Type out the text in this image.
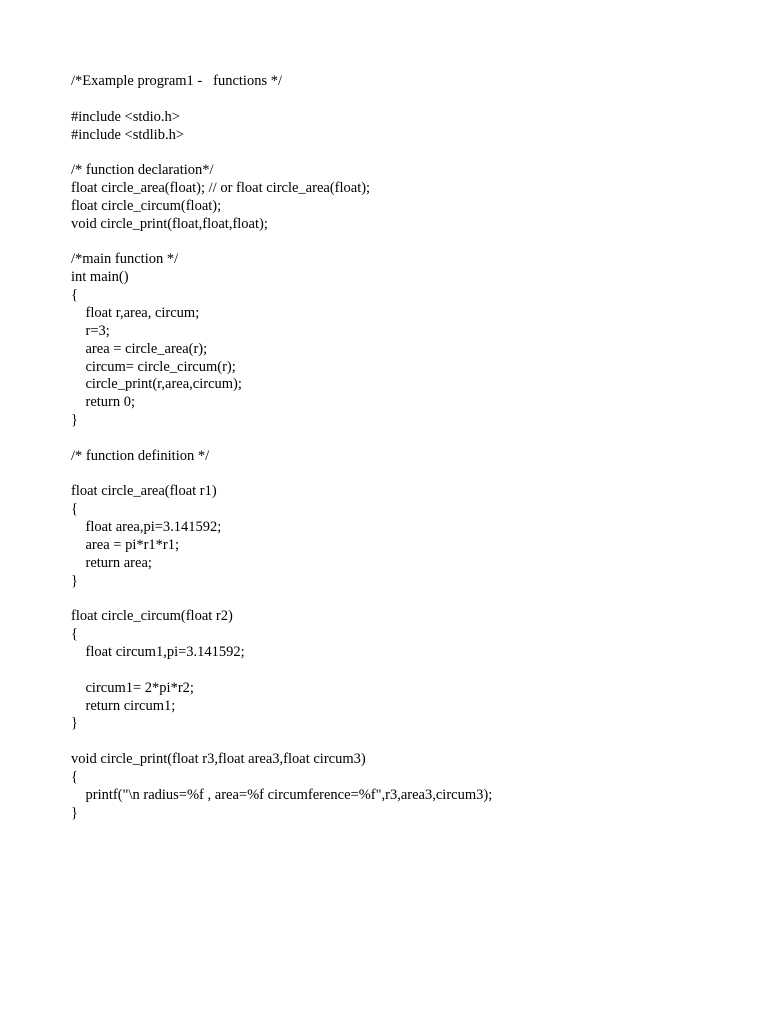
/*Example program1 -   functions */
#include <stdio.h>
#include <stdlib.h>
/* function declaration*/
float circle_area(float); // or float circle_area(float);
float circle_circum(float);
void circle_print(float,float,float);
/*main function */
int main()
{
float r,area, circum;
r=3;
area = circle_area(r);
circum= circle_circum(r);
circle_print(r,area,circum);
return 0;
}
/* function definition */
float circle_area(float r1)
{
float area,pi=3.141592;
area = pi*r1*r1;
return area;
}
float circle_circum(float r2)
{
float circum1,pi=3.141592;
circum1= 2*pi*r2;
return circum1;
}
void circle_print(float r3,float area3,float circum3)
{
printf("\n radius=%f , area=%f circumference=%f",r3,area3,circum3);
}
